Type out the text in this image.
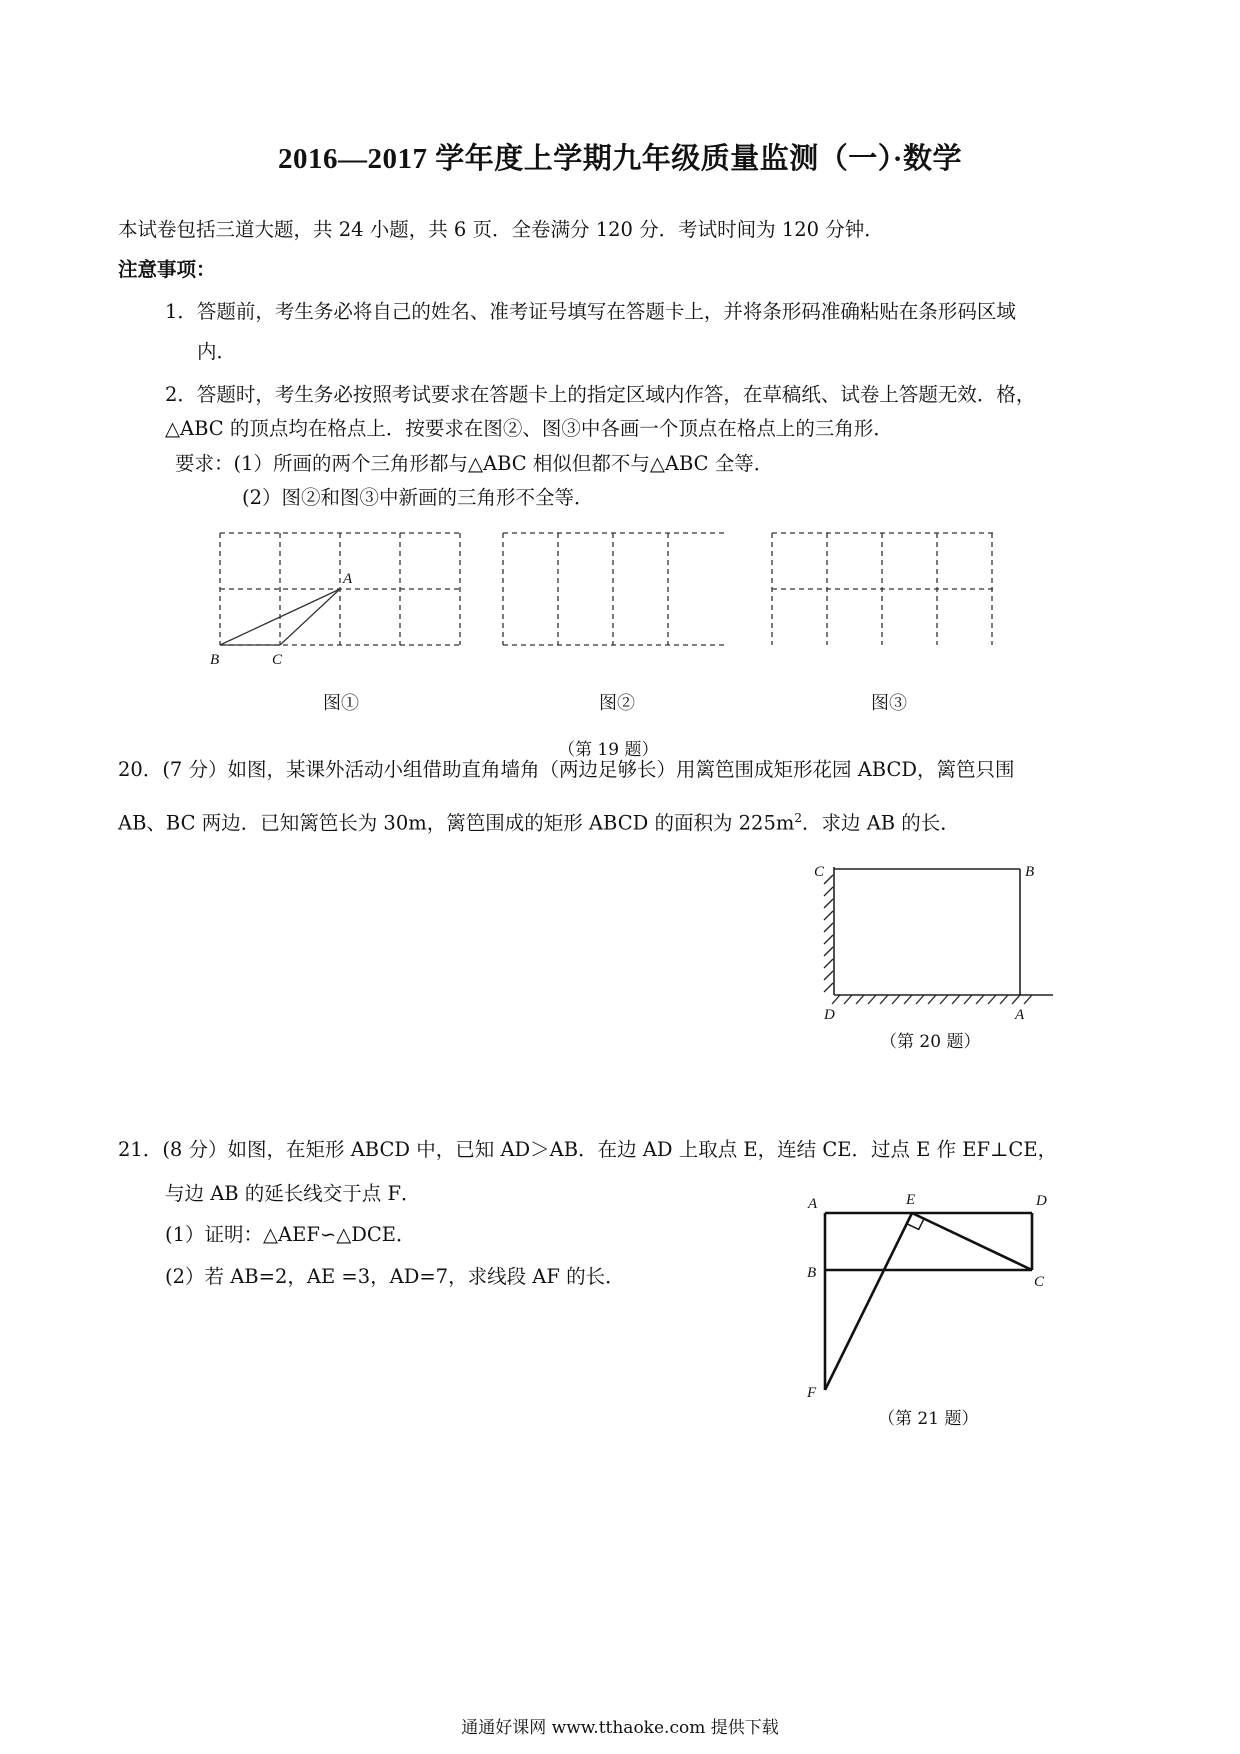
2016—2017 学年度上学期九年级质量监测（一）·数学
本试卷包括三道大题，共 24 小题，共 6 页．全卷满分 120 分．考试时间为 120 分钟．
注意事项：
1．答题前，考生务必将自己的姓名、准考证号填写在答题卡上，并将条形码准确粘贴在条形码区域
内．
2．答题时，考生务必按照考试要求在答题卡上的指定区域内作答，在草稿纸、试卷上答题无效．格，
△ABC 的顶点均在格点上．按要求在图②、图③中各画一个顶点在格点上的三角形．
要求：(1）所画的两个三角形都与△ABC 相似但都不与△ABC 全等．
(2）图②和图③中新画的三角形不全等．
A
B	C
图①	图②	图③
（第 19 题）
20．(7 分）如图，某课外活动小组借助直角墙角（两边足够长）用篱笆围成矩形花园 ABCD，篱笆只围
AB、BC 两边．已知篱笆长为 30m，篱笆围成的矩形 ABCD 的面积为 $225m^2$．求边 AB 的长．
C	B
D	A
（第 20 题）
21．(8 分）如图，在矩形 ABCD 中，已知 AD＞AB．在边 AD 上取点 E，连结 CE．过点 E 作 EF⊥CE，
与边 AB 的延长线交于点 F．
(1）证明：△AEF∽△DCE．
(2）若 AB=2，AE =3，AD=7，求线段 AF 的长．
A	E	D
B
C
F
（第 21 题）
通通好课网 www.tthaoke.com 提供下载
